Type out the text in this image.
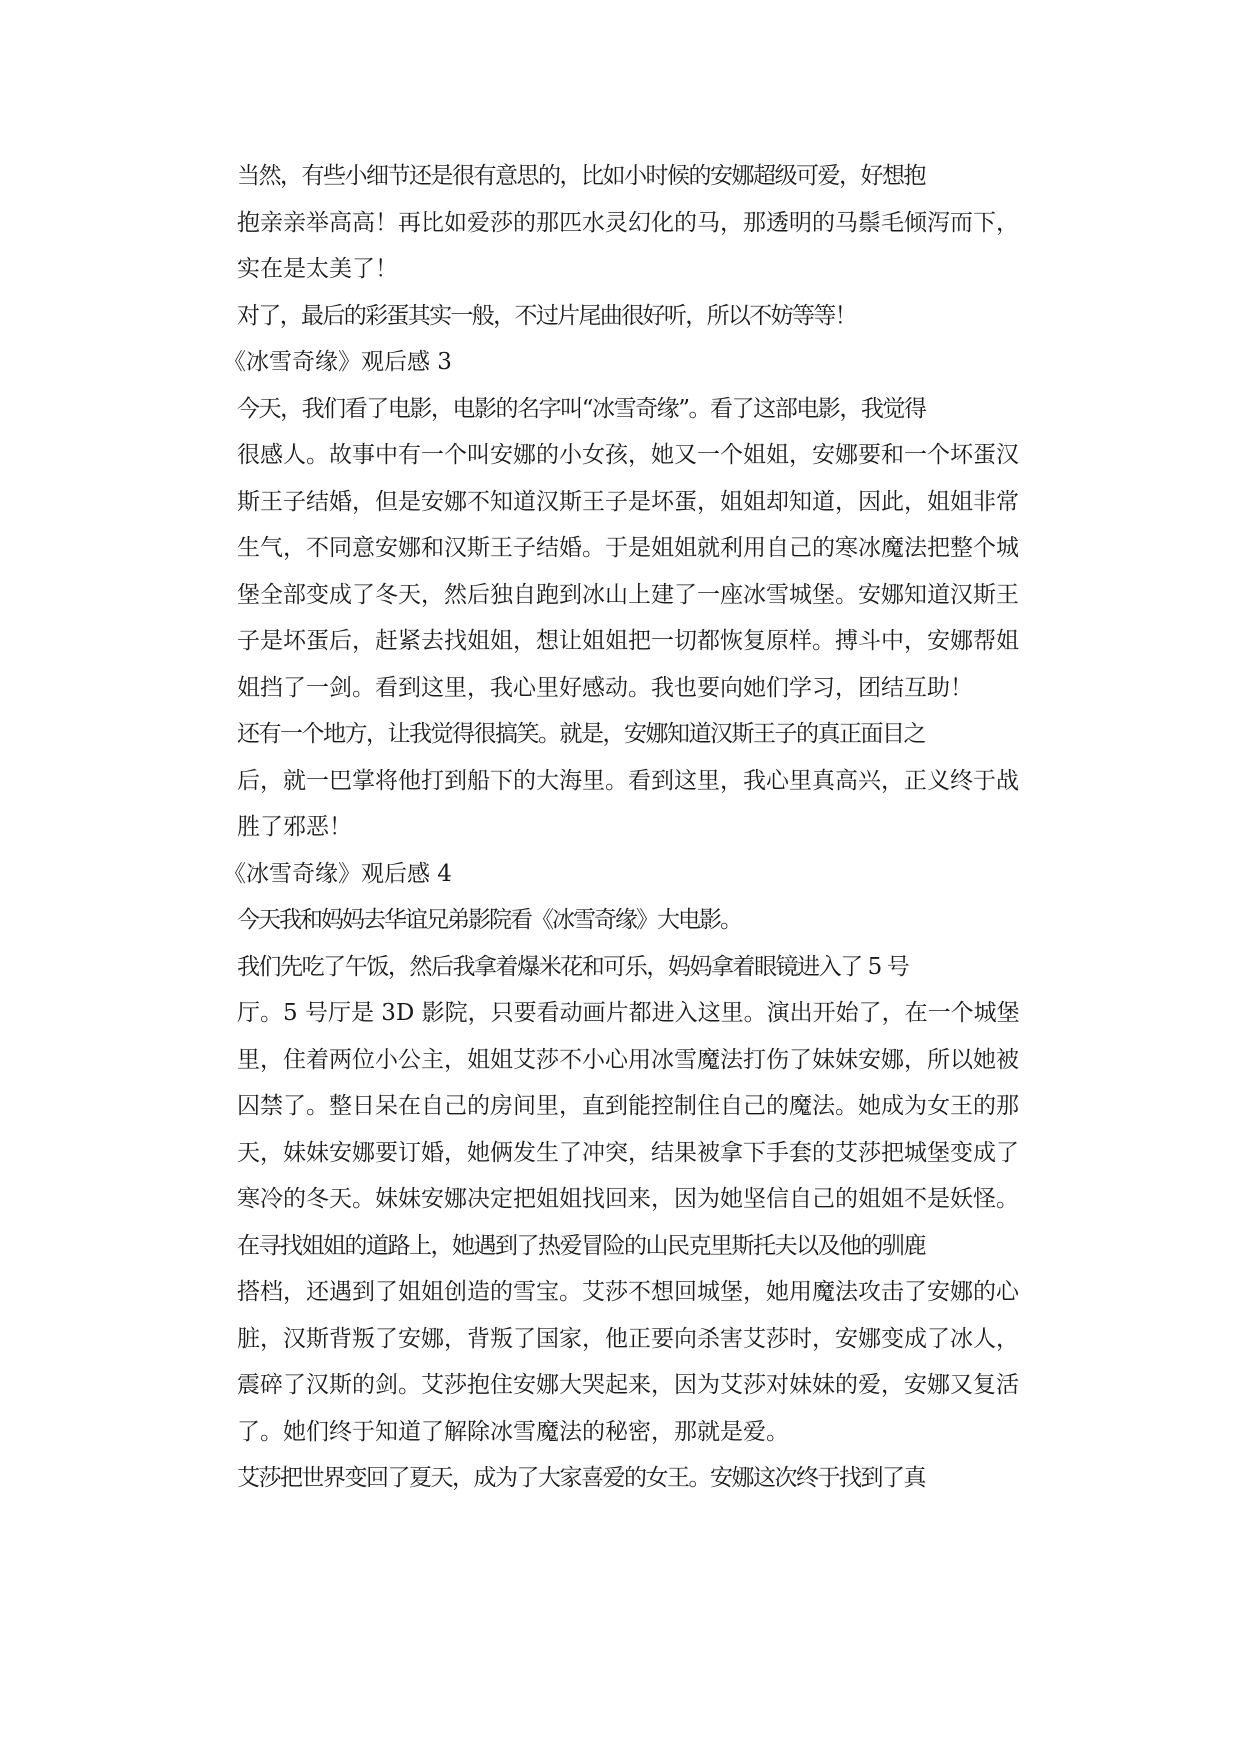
当然，有些小细节还是很有意思的，比如小时候的安娜超级可爱，好想抱
抱亲亲举高高！再比如爱莎的那匹水灵幻化的马，那透明的马鬃毛倾泻而下，
实在是太美了！
对了，最后的彩蛋其实一般，不过片尾曲很好听，所以不妨等等！
《冰雪奇缘》观后感 3
今天，我们看了电影，电影的名字叫“冰雪奇缘”。看了这部电影，我觉得
很感人。故事中有一个叫安娜的小女孩，她又一个姐姐，安娜要和一个坏蛋汉
斯王子结婚，但是安娜不知道汉斯王子是坏蛋，姐姐却知道，因此，姐姐非常
生气，不同意安娜和汉斯王子结婚。于是姐姐就利用自己的寒冰魔法把整个城
堡全部变成了冬天，然后独自跑到冰山上建了一座冰雪城堡。安娜知道汉斯王
子是坏蛋后，赶紧去找姐姐，想让姐姐把一切都恢复原样。搏斗中，安娜帮姐
姐挡了一剑。看到这里，我心里好感动。我也要向她们学习，团结互助！
还有一个地方，让我觉得很搞笑。就是，安娜知道汉斯王子的真正面目之
后，就一巴掌将他打到船下的大海里。看到这里，我心里真高兴，正义终于战
胜了邪恶！
《冰雪奇缘》观后感 4
今天我和妈妈去华谊兄弟影院看《冰雪奇缘》大电影。
我们先吃了午饭，然后我拿着爆米花和可乐，妈妈拿着眼镜进入了 5 号
厅。5 号厅是 3D 影院，只要看动画片都进入这里。演出开始了，在一个城堡
里，住着两位小公主，姐姐艾莎不小心用冰雪魔法打伤了妹妹安娜，所以她被
囚禁了。整日呆在自己的房间里，直到能控制住自己的魔法。她成为女王的那
天，妹妹安娜要订婚，她俩发生了冲突，结果被拿下手套的艾莎把城堡变成了
寒冷的冬天。妹妹安娜决定把姐姐找回来，因为她坚信自己的姐姐不是妖怪。
在寻找姐姐的道路上，她遇到了热爱冒险的山民克里斯托夫以及他的驯鹿
搭档，还遇到了姐姐创造的雪宝。艾莎不想回城堡，她用魔法攻击了安娜的心
脏，汉斯背叛了安娜，背叛了国家，他正要向杀害艾莎时，安娜变成了冰人，
震碎了汉斯的剑。艾莎抱住安娜大哭起来，因为艾莎对妹妹的爱，安娜又复活
了。她们终于知道了解除冰雪魔法的秘密，那就是爱。
艾莎把世界变回了夏天，成为了大家喜爱的女王。安娜这次终于找到了真
